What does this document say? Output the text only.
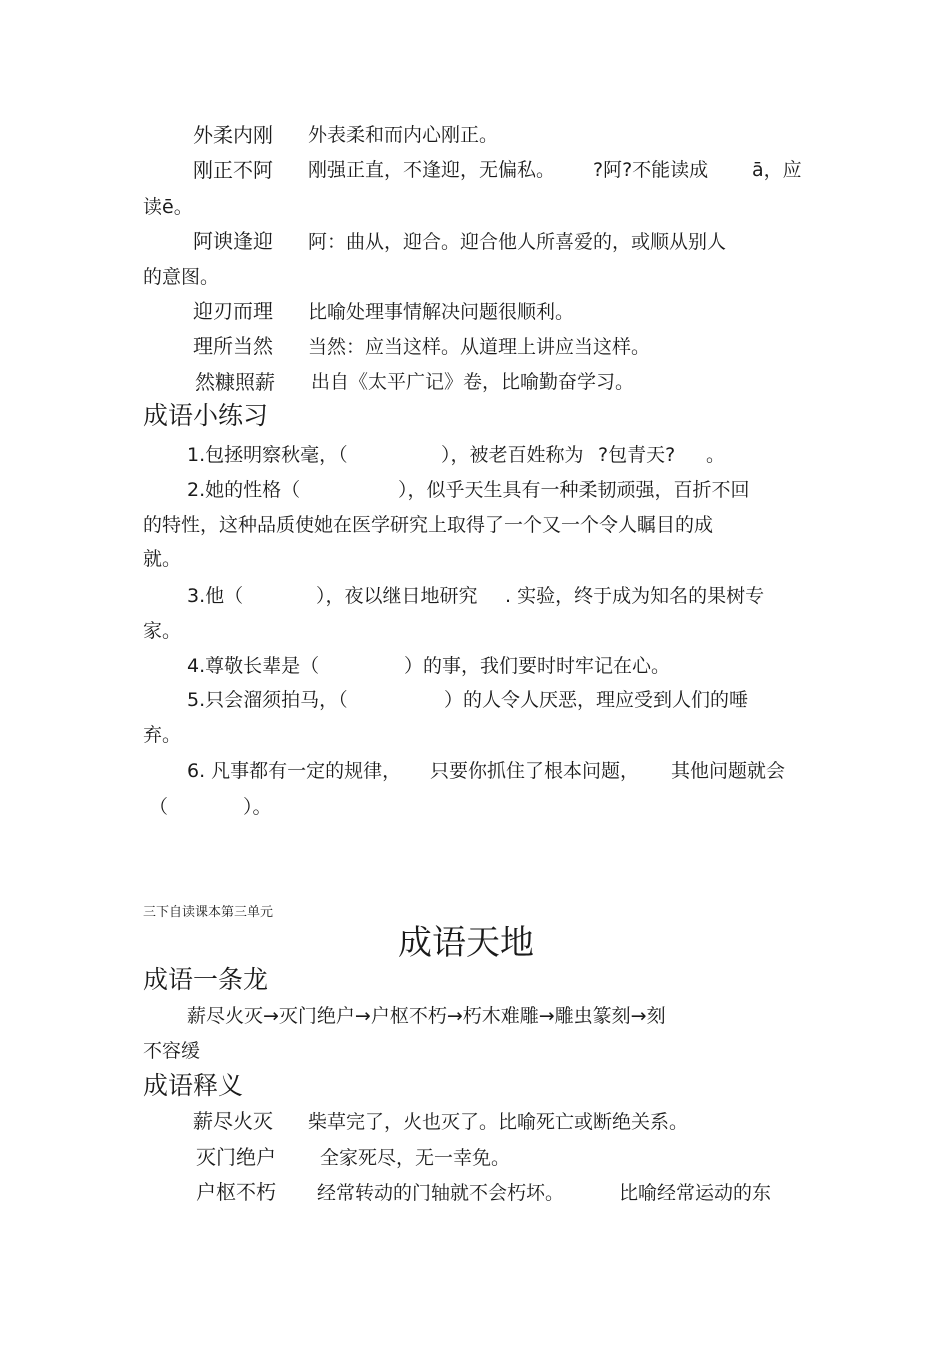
外柔内刚 外表柔和而内心刚正。
刚正不阿 刚强正直，不逢迎，无偏私。 ?阿?不能读成 ā，应
读ē。
阿谀逢迎 阿：曲从，迎合。迎合他人所喜爱的，或顺从别人
的意图。
迎刃而理 比喻处理事情解决问题很顺利。
理所当然 当然：应当这样。从道理上讲应当这样。
然糠照薪 出自《太平广记》卷，比喻勤奋学习。
成语小练习
1.包拯明察秋毫，（	），被老百姓称为 ?包青天? 。
2.她的性格（	），似乎天生具有一种柔韧顽强，百折不回
的特性，这种品质使她在医学研究上取得了一个又一个令人瞩目的成
就。
3.他（	），夜以继日地研究 . 实验，终于成为知名的果树专
家。
4.尊敬长辈是（	）的事，我们要时时牢记在心。
5.只会溜须拍马，（	）的人令人厌恶，理应受到人们的唾
弃。
6. 凡事都有一定的规律， 只要你抓住了根本问题， 其他问题就会
（	）。
三下自读课本第三单元
成语天地
成语一条龙
薪尽火灭→灭门绝户→户枢不朽→朽木难雕→雕虫篆刻→刻
不容缓
成语释义
薪尽火灭 柴草完了，火也灭了。比喻死亡或断绝关系。
灭门绝户 全家死尽，无一幸免。
户枢不朽 经常转动的门轴就不会朽坏。	比喻经常运动的东
